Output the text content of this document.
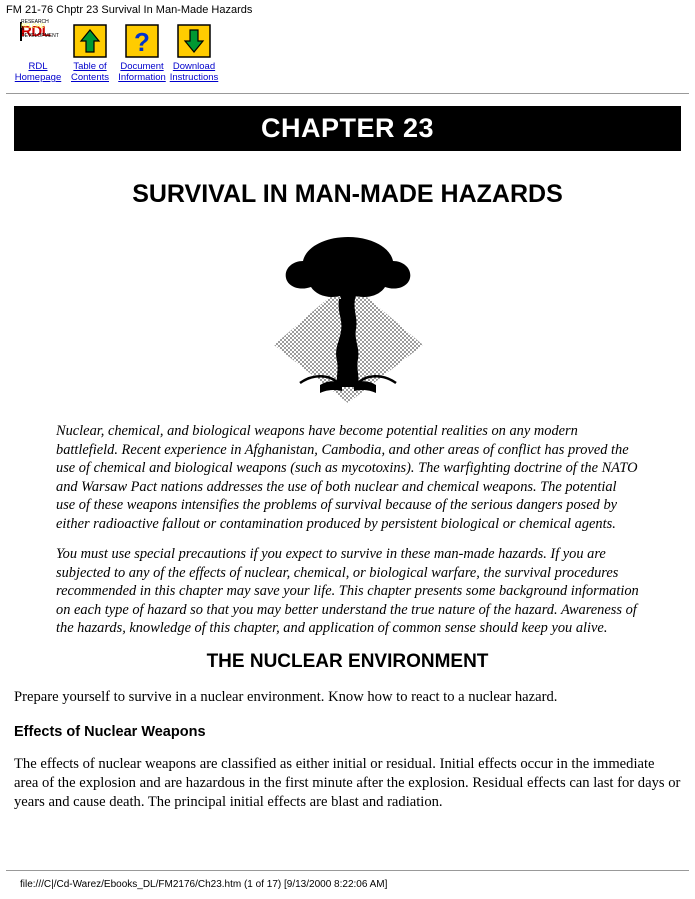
FM 21-76 Chptr 23 Survival In Man-Made Hazards
RDL
Homepage
Table of
Contents
?
Document
Information
Download
Instructions
CHAPTER 23
SURVIVAL IN MAN-MADE HAZARDS

Nuclear, chemical, and biological weapons have become potential realities on any modern battlefield. Recent experience in Afghanistan, Cambodia, and other areas of conflict has proved the use of chemical and biological weapons (such as mycotoxins). The warfighting doctrine of the NATO and Warsaw Pact nations addresses the use of both nuclear and chemical weapons. The potential use of these weapons intensifies the problems of survival because of the serious dangers posed by either radioactive fallout or contamination produced by persistent biological or chemical agents.

You must use special precautions if you expect to survive in these man-made hazards. If you are subjected to any of the effects of nuclear, chemical, or biological warfare, the survival procedures recommended in this chapter may save your life. This chapter presents some background information on each type of hazard so that you may better understand the true nature of the hazard. Awareness of the hazards, knowledge of this chapter, and application of common sense should keep you alive.

THE NUCLEAR ENVIRONMENT
Prepare yourself to survive in a nuclear environment. Know how to react to a nuclear hazard.
Effects of Nuclear Weapons
The effects of nuclear weapons are classified as either initial or residual. Initial effects occur in the immediate area of the explosion and are hazardous in the first minute after the explosion. Residual effects can last for days or years and cause death. The principal initial effects are blast and radiation.
file:///C|/Cd-Warez/Ebooks_DL/FM2176/Ch23.htm (1 of 17) [9/13/2000 8:22:06 AM]
